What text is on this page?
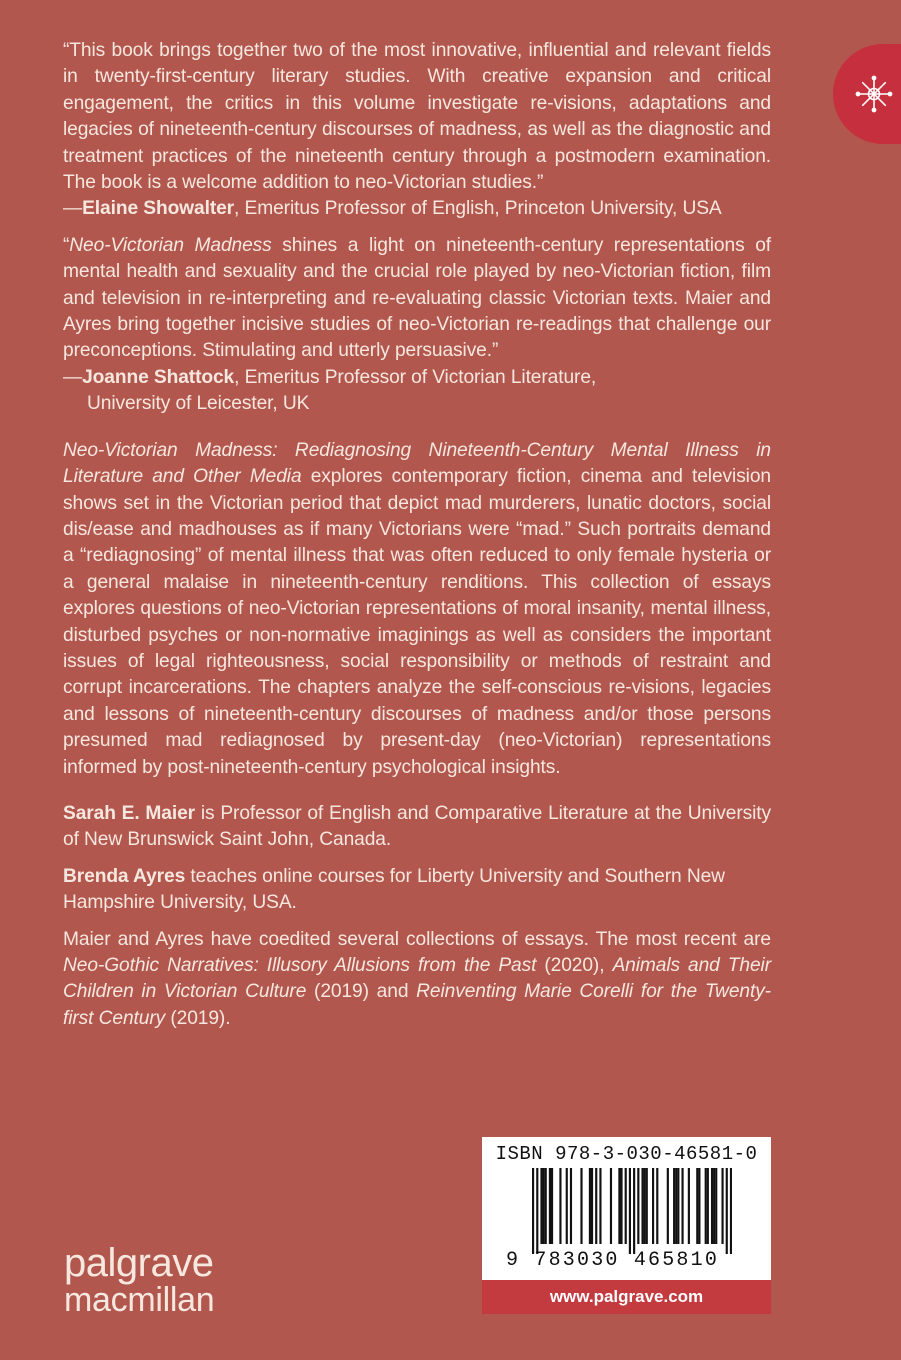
“This book brings together two of the most innovative, influential and relevant fields in twenty-first-century literary studies. With creative expansion and critical engagement, the critics in this volume investigate re-visions, adaptations and legacies of nineteenth-century discourses of madness, as well as the diagnostic and treatment practices of the nineteenth century through a postmodern examination. The book is a welcome addition to neo-Victorian studies.”

—Elaine Showalter, Emeritus Professor of English, Princeton University, USA

“Neo-Victorian Madness shines a light on nineteenth-century representations of mental health and sexuality and the crucial role played by neo-Victorian fiction, film and television in re-interpreting and re-evaluating classic Victorian texts. Maier and Ayres bring together incisive studies of neo-Victorian re-readings that challenge our preconceptions. Stimulating and utterly persuasive.”

—Joanne Shattock, Emeritus Professor of Victorian Literature,

University of Leicester, UK

Neo-Victorian Madness: Rediagnosing Nineteenth-Century Mental Illness in Literature and Other Media explores contemporary fiction, cinema and television shows set in the Victorian period that depict mad murderers, lunatic doctors, social dis/ease and madhouses as if many Victorians were “mad.” Such portraits demand a “rediagnosing” of mental illness that was often reduced to only female hysteria or a general malaise in nineteenth-century renditions. This collection of essays explores questions of neo-Victorian representations of moral insanity, mental illness, disturbed psyches or non-normative imaginings as well as considers the important issues of legal righteousness, social responsibility or methods of restraint and corrupt incarcerations. The chapters analyze the self-conscious re-visions, legacies and lessons of nineteenth-century discourses of madness and/or those persons presumed mad rediagnosed by present-day (neo-Victorian) representations informed by post-nineteenth-century psychological insights.

Sarah E. Maier is Professor of English and Comparative Literature at the University of New Brunswick Saint John, Canada.

Brenda Ayres teaches online courses for Liberty University and Southern New Hampshire University, USA.

Maier and Ayres have coedited several collections of essays. The most recent are Neo-Gothic Narratives: Illusory Allusions from the Past (2020), Animals and Their Children in Victorian Culture (2019) and Reinventing Marie Corelli for the Twenty-first Century (2019).

palgrave
macmillan
ISBN 978-3-030-46581-0
9 783030 465810
www.palgrave.com
